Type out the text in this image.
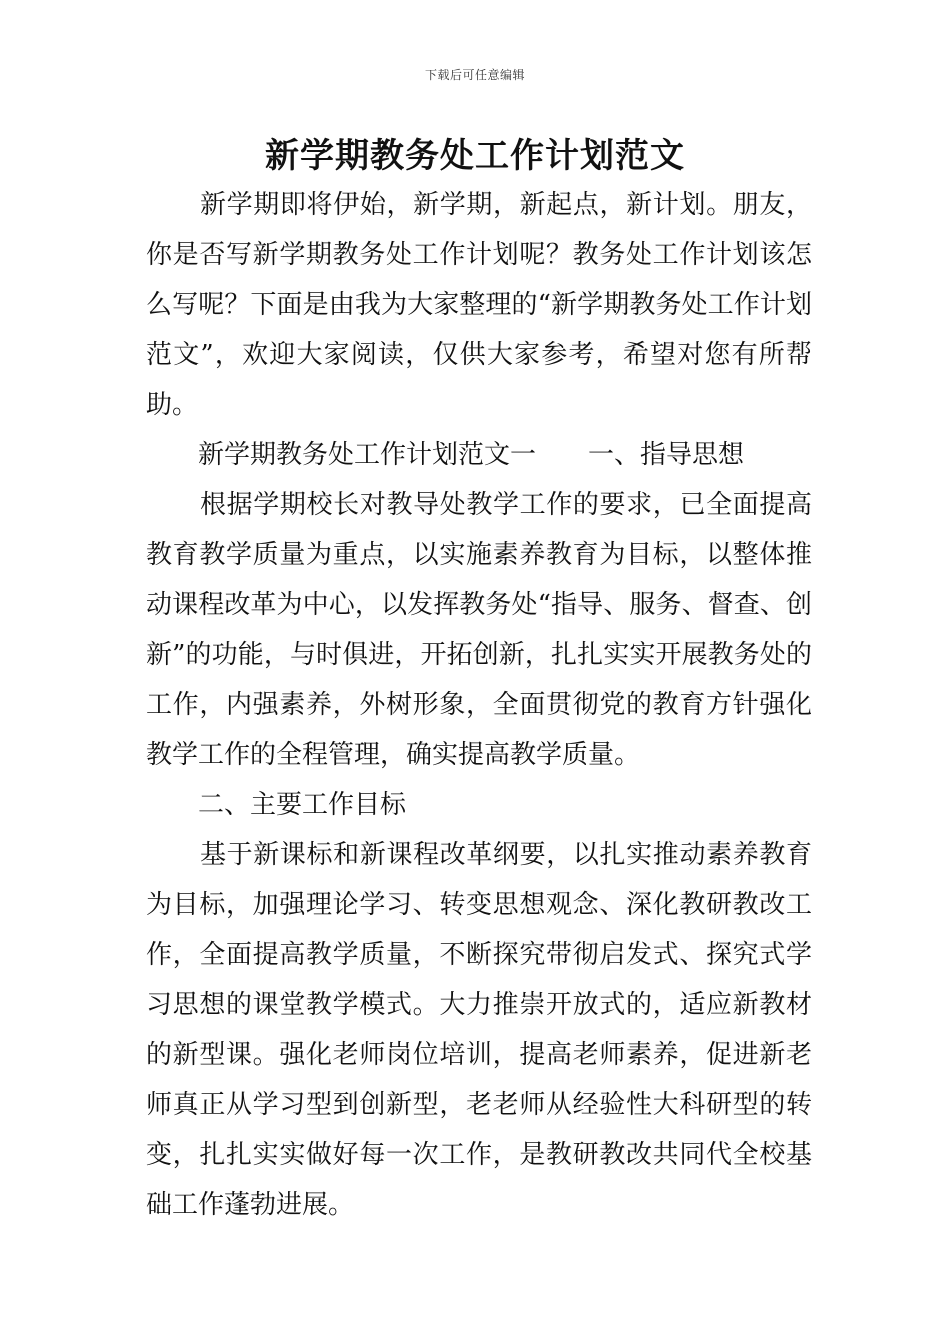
下载后可任意编辑
新学期教务处工作计划范文

新学期即将伊始，新学期，新起点，新计划。朋友，你是否写新学期教务处工作计划呢？教务处工作计划该怎么写呢？下面是由我为大家整理的“新学期教务处工作计划范文”，欢迎大家阅读，仅供大家参考，希望对您有所帮助。

新学期教务处工作计划范文一 一、指导思想

根据学期校长对教导处教学工作的要求，已全面提高教育教学质量为重点，以实施素养教育为目标，以整体推动课程改革为中心，以发挥教务处“指导、服务、督查、创新”的功能，与时俱进，开拓创新，扎扎实实开展教务处的工作，内强素养，外树形象，全面贯彻党的教育方针强化教学工作的全程管理，确实提高教学质量。

二、主要工作目标

基于新课标和新课程改革纲要，以扎实推动素养教育为目标，加强理论学习、转变思想观念、深化教研教改工作，全面提高教学质量，不断探究带彻启发式、探究式学习思想的课堂教学模式。大力推崇开放式的，适应新教材的新型课。强化老师岗位培训，提高老师素养，促进新老师真正从学习型到创新型，老老师从经验性大科研型的转变，扎扎实实做好每一次工作，是教研教改共同代全校基础工作蓬勃进展。
